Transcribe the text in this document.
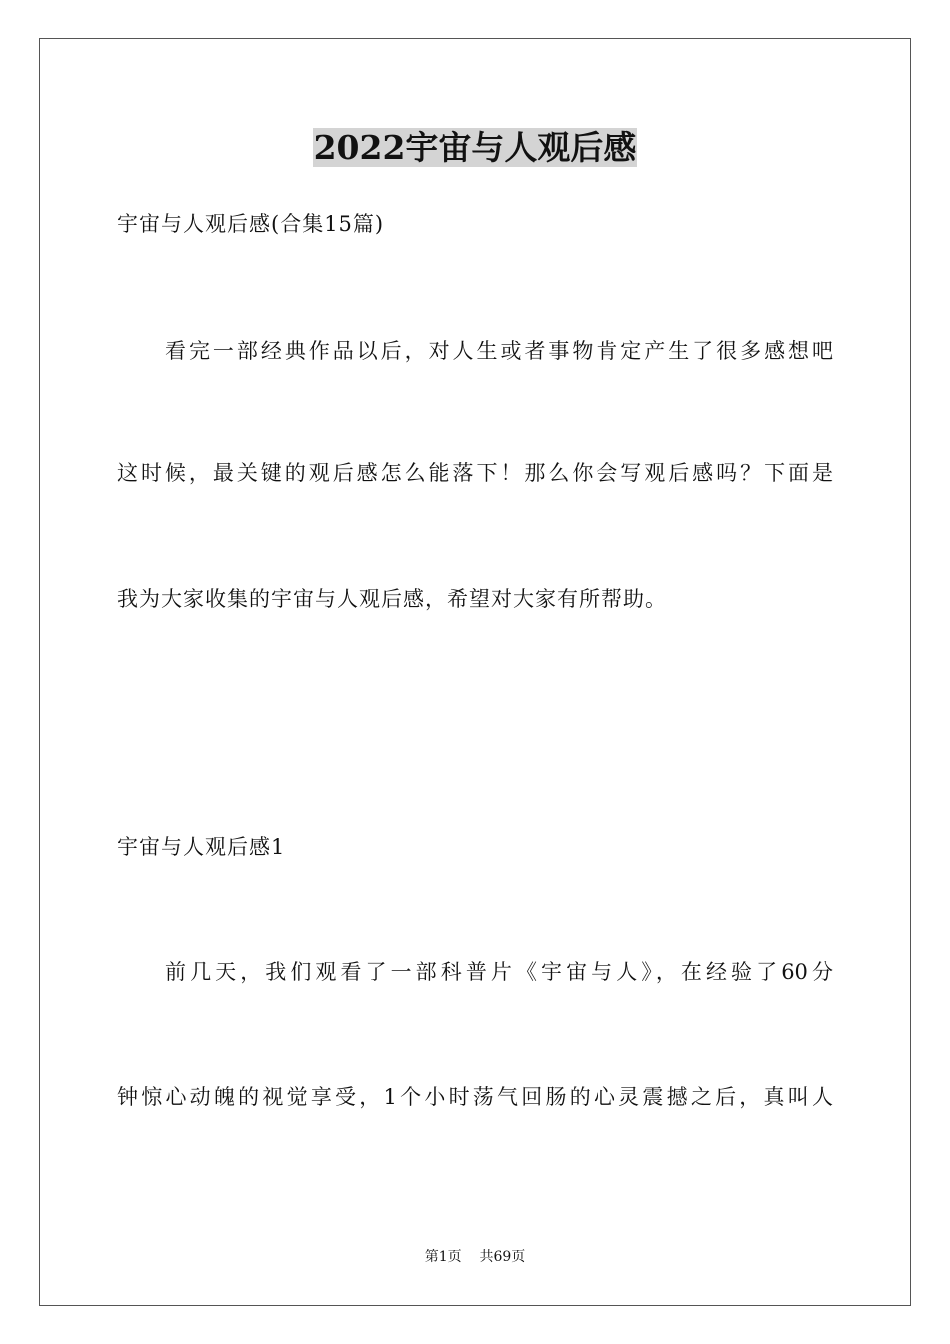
2022宇宙与人观后感
宇宙与人观后感(合集15篇)
看完一部经典作品以后，对人生或者事物肯定产生了很多感想吧
这时候，最关键的观后感怎么能落下！那么你会写观后感吗？下面是
我为大家收集的宇宙与人观后感，希望对大家有所帮助。
宇宙与人观后感1
前几天，我们观看了一部科普片《宇宙与人》，在经验了60分
钟惊心动魄的视觉享受，1个小时荡气回肠的心灵震撼之后，真叫人
第1页    共69页
